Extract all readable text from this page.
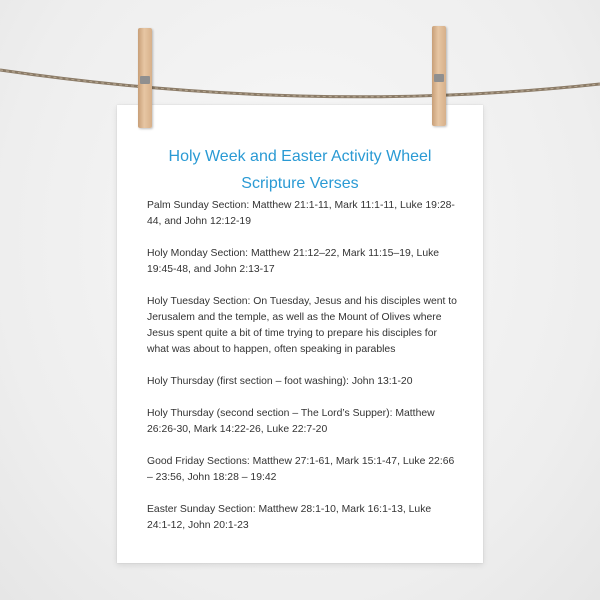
Holy Week and Easter Activity Wheel
Scripture Verses

Palm Sunday Section: Matthew 21:1-11, Mark 11:1-11, Luke 19:28-44, and John 12:12-19

Holy Monday Section: Matthew 21:12–22, Mark 11:15–19, Luke 19:45-48, and John 2:13-17

Holy Tuesday Section: On Tuesday, Jesus and his disciples went to Jerusalem and the temple, as well as the Mount of Olives where Jesus spent quite a bit of time trying to prepare his disciples for what was about to happen, often speaking in parables

Holy Thursday (first section – foot washing): John 13:1-20

Holy Thursday (second section – The Lord’s Supper): Matthew 26:26-30, Mark 14:22-26, Luke 22:7-20

Good Friday Sections: Matthew 27:1-61, Mark 15:1-47, Luke 22:66 – 23:56, John 18:28 – 19:42

Easter Sunday Section: Matthew 28:1-10, Mark 16:1-13, Luke 24:1-12, John 20:1-23
